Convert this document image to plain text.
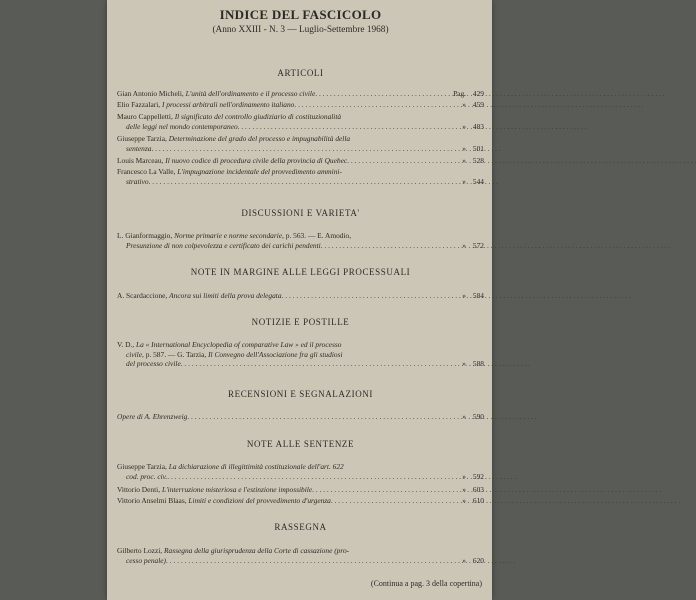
INDICE DEL FASCICOLO
(Anno XXIII - N. 3 — Luglio-Settembre 1968)
ARTICOLI
Gian Antonio Micheli, L'unità dell'ordinamento e il processo civile . . .	Pag. 429
Elio Fazzalari, I processi arbitrali nell'ordinamento italiano . . .	» 459
Mauro Cappelletti, Il significato del controllo giudiziario di costituzionalità
delle leggi nel mondo contemporaneo . . .	» 483
Giuseppe Tarzia, Determinazione del grado del processo e impugnabilità della
sentenza . . .	» 501
Louis Marceau, Il nuovo codice di procedura civile della provincia di Quebec . . .	» 528
Francesco La Valle, L'impugnazione incidentale del provvedimento ammini-
strativo . . .	» 544
DISCUSSIONI E VARIETA'
L. Gianformaggio, Norme primarie e norme secondarie, p. 563. — E. Amodio,
Presunzione di non colpevolezza e certificato dei carichi pendenti . . .	» 572
NOTE IN MARGINE ALLE LEGGI PROCESSUALI
A. Scardaccione, Ancora sui limiti della prova delegata . . .	» 584
NOTIZIE E POSTILLE
V. D., La « International Encyclopedia of comparative Law » ed il processo
civile, p. 587. — G. Tarzia, Il Convegno dell'Associazione fra gli studiosi
del processo civile . . .	» 588
RECENSIONI E SEGNALAZIONI
Opere di A. Ehrenzweig . . .	» 590
NOTE ALLE SENTENZE
Giuseppe Tarzia, La dichiarazione di illegittimità costituzionale dell'art. 622
cod. proc. civ. . . .	» 592
Vittorio Denti, L'interruzione misteriosa e l'estinzione impossibile . . .	» 603
Vittorio Anselmi Blaas, Limiti e condizioni del provvedimento d'urgenza . . .	» 610
RASSEGNA
Gilberto Lozzi, Rassegna della giurisprudenza della Corte di cassazione (pro-
cesso penale) . . .	» 620
(Continua a pag. 3 della copertina)
